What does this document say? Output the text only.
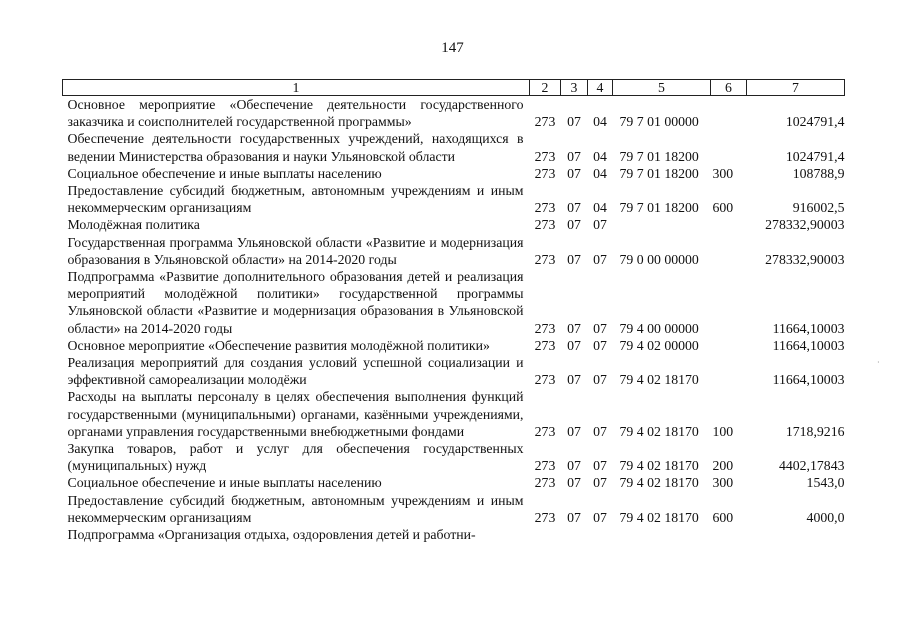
147
1	2	3	4	5	6	7
Основное мероприятие «Обеспечение деятельности государственного заказчика и соисполнителей государственной программы»	273	07	04	79 7 01 00000		1024791,4
Обеспечение деятельности государственных учреждений, находящихся в ведении Министерства образования и науки Ульяновской области	273	07	04	79 7 01 18200		1024791,4
Социальное обеспечение и иные выплаты населению	273	07	04	79 7 01 18200	300	108788,9
Предоставление субсидий бюджетным, автономным учреждениям и иным некоммерческим организациям	273	07	04	79 7 01 18200	600	916002,5
Молодёжная политика	273	07	07			278332,90003
Государственная программа Ульяновской области «Развитие и модернизация образования в Ульяновской области» на 2014-2020 годы	273	07	07	79 0 00 00000		278332,90003
Подпрограмма «Развитие дополнительного образования детей и реализация мероприятий молодёжной политики» государственной программы Ульяновской области «Развитие и модернизация образования в Ульяновской области» на 2014-2020 годы	273	07	07	79 4 00 00000		11664,10003
Основное мероприятие «Обеспечение развития молодёжной политики»	273	07	07	79 4 02 00000		11664,10003
Реализация мероприятий для создания условий успешной социализации и эффективной самореализации молодёжи	273	07	07	79 4 02 18170		11664,10003
Расходы на выплаты персоналу в целях обеспечения выполнения функций государственными (муниципальными) органами, казёнными учреждениями, органами управления государственными внебюджетными фондами	273	07	07	79 4 02 18170	100	1718,9216
Закупка товаров, работ и услуг для обеспечения государственных (муниципальных) нужд	273	07	07	79 4 02 18170	200	4402,17843
Социальное обеспечение и иные выплаты населению	273	07	07	79 4 02 18170	300	1543,0
Предоставление субсидий бюджетным, автономным учреждениям и иным некоммерческим организациям	273	07	07	79 4 02 18170	600	4000,0
Подпрограмма «Организация отдыха, оздоровления детей и работни-						
·
